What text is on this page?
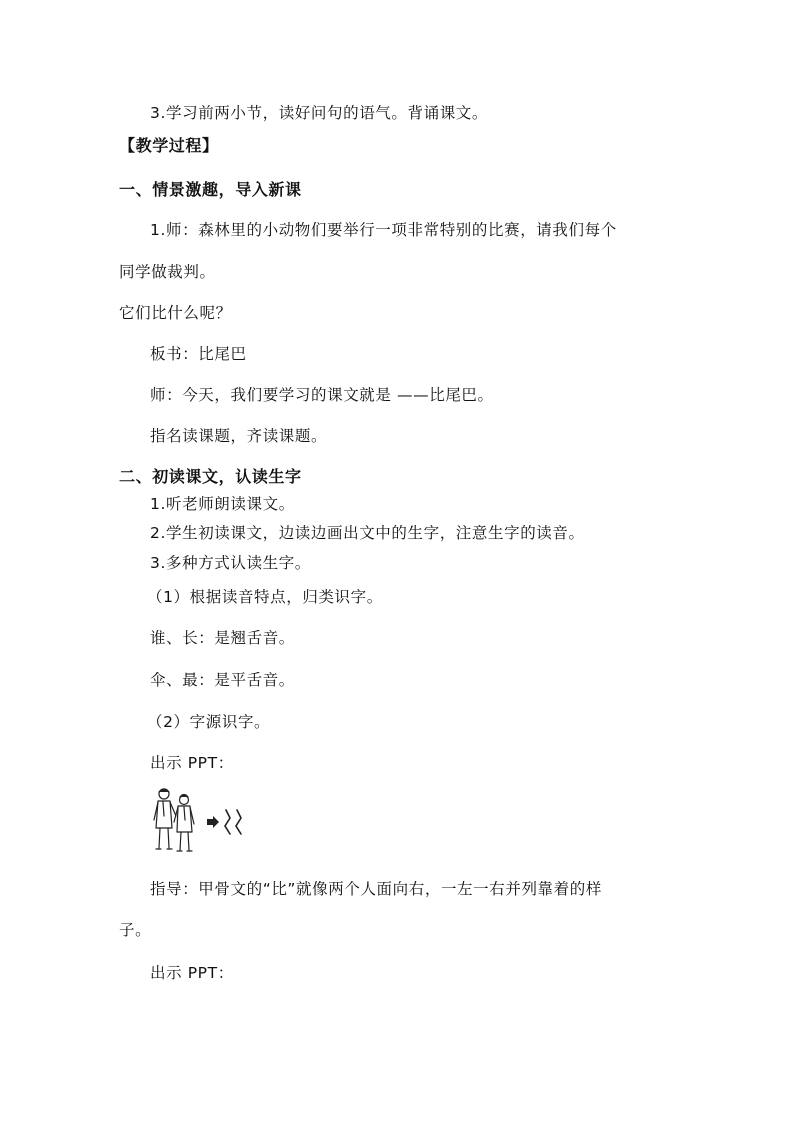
3.学习前两小节，读好问句的语气。背诵课文。
【教学过程】
一、情景激趣，导入新课
1.师：森林里的小动物们要举行一项非常特别的比赛，请我们每个
同学做裁判。
它们比什么呢？
板书：比尾巴
师：今天，我们要学习的课文就是 ——比尾巴。
指名读课题，齐读课题。
二、初读课文，认读生字
1.听老师朗读课文。
2.学生初读课文，边读边画出文中的生字，注意生字的读音。
3.多种方式认读生字。
（1）根据读音特点，归类识字。
谁、长：是翘舌音。
伞、最：是平舌音。
（2）字源识字。
出示 PPT：
指导：甲骨文的“比”就像两个人面向右，一左一右并列靠着的样
子。
出示 PPT：
